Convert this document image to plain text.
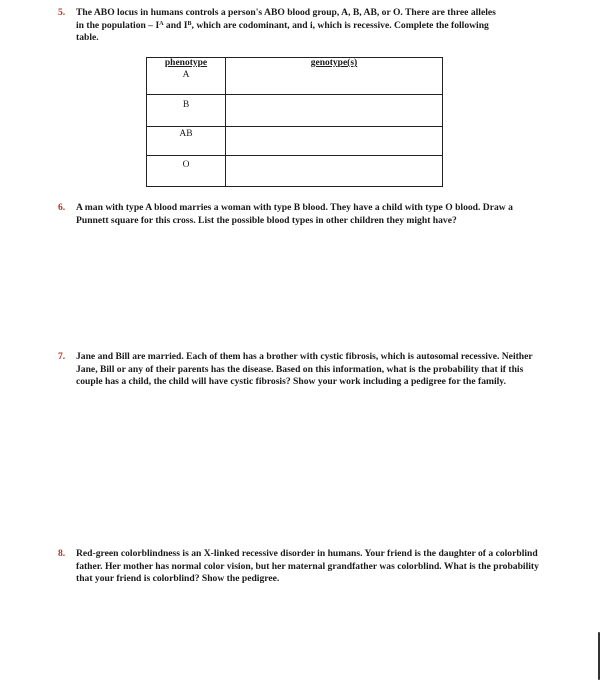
5. The ABO locus in humans controls a person's ABO blood group, A, B, AB, or O. There are three alleles
in the population – $I^A$ and $I^B$, which are codominant, and i, which is recessive. Complete the following
table.
phenotype	genotype(s)
A	
B	
AB	
O	
6. A man with type A blood marries a woman with type B blood. They have a child with type O blood. Draw a Punnett square for this cross. List the possible blood types in other children they might have?
7. Jane and Bill are married. Each of them has a brother with cystic fibrosis, which is autosomal recessive. Neither Jane, Bill or any of their parents has the disease. Based on this information, what is the probability that if this couple has a child, the child will have cystic fibrosis? Show your work including a pedigree for the family.
8. Red-green colorblindness is an X-linked recessive disorder in humans. Your friend is the daughter of a colorblind father. Her mother has normal color vision, but her maternal grandfather was colorblind. What is the probability that your friend is colorblind? Show the pedigree.
